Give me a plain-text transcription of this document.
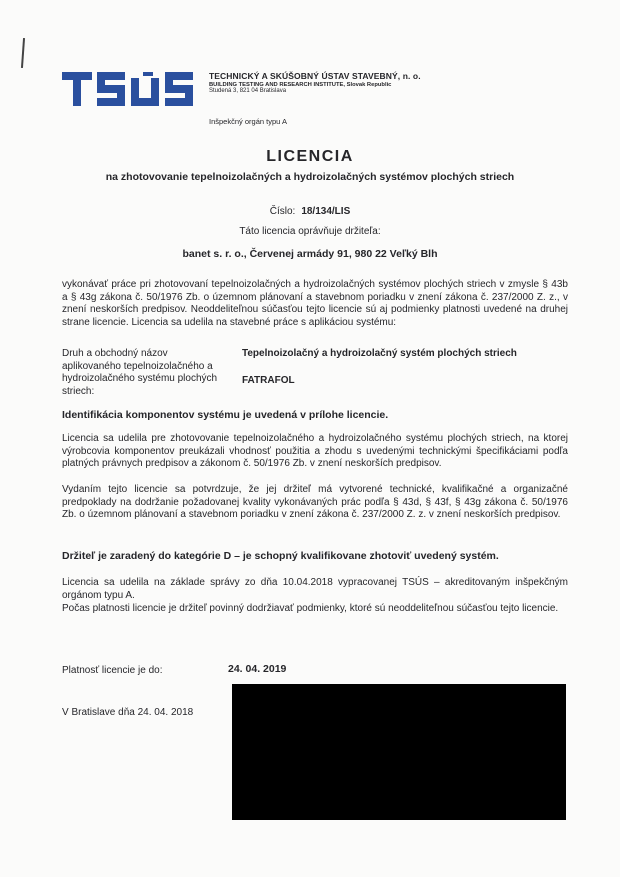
TECHNICKÝ A SKÚŠOBNÝ ÚSTAV STAVEBNÝ, n. o.
BUILDING TESTING AND RESEARCH INSTITUTE, Slovak Republic
Studená 3, 821 04 Bratislava
Inšpekčný orgán typu A
LICENCIA
na zhotovovanie tepelnoizolačných a hydroizolačných systémov plochých striech
Číslo: 18/134/LIS
Táto licencia oprávňuje držiteľa:
banet s. r. o., Červenej armády 91, 980 22 Veľký Blh
vykonávať práce pri zhotovovaní tepelnoizolačných a hydroizolačných systémov plochých striech v zmysle § 43b a § 43g zákona č. 50/1976 Zb. o územnom plánovaní a stavebnom poriadku v znení zákona č. 237/2000 Z. z., v znení neskorších predpisov. Neoddeliteľnou súčasťou tejto licencie sú aj podmienky platnosti uvedené na druhej strane licencie. Licencia sa udelila na stavebné práce s aplikáciou systému:
Druh a obchodný názov aplikovaného tepelnoizolačného a hydroizolačného systému plochých striech:
Tepelnoizolačný a hydroizolačný systém plochých striech
FATRAFOL
Identifikácia komponentov systému je uvedená v prílohe licencie.
Licencia sa udelila pre zhotovovanie tepelnoizolačného a hydroizolačného systému plochých striech, na ktorej výrobcovia komponentov preukázali vhodnosť použitia a zhodu s uvedenými technickými špecifikáciami podľa platných právnych predpisov a zákonom č. 50/1976 Zb. v znení neskorších predpisov.
Vydaním tejto licencie sa potvrdzuje, že jej držiteľ má vytvorené technické, kvalifikačné a organizačné predpoklady na dodržanie požadovanej kvality vykonávaných prác podľa § 43d, § 43f, § 43g zákona č. 50/1976 Zb. o územnom plánovaní a stavebnom poriadku v znení zákona č. 237/2000 Z. z. v znení neskorších predpisov.
Držiteľ je zaradený do kategórie D – je schopný kvalifikovane zhotoviť uvedený systém.
Licencia sa udelila na základe správy zo dňa 10.04.2018 vypracovanej TSÚS – akreditovaným inšpekčným orgánom typu A.
Počas platnosti licencie je držiteľ povinný dodržiavať podmienky, ktoré sú neoddeliteľnou súčasťou tejto licencie.
Platnosť licencie je do:	24. 04. 2019
V Bratislave dňa 24. 04. 2018
